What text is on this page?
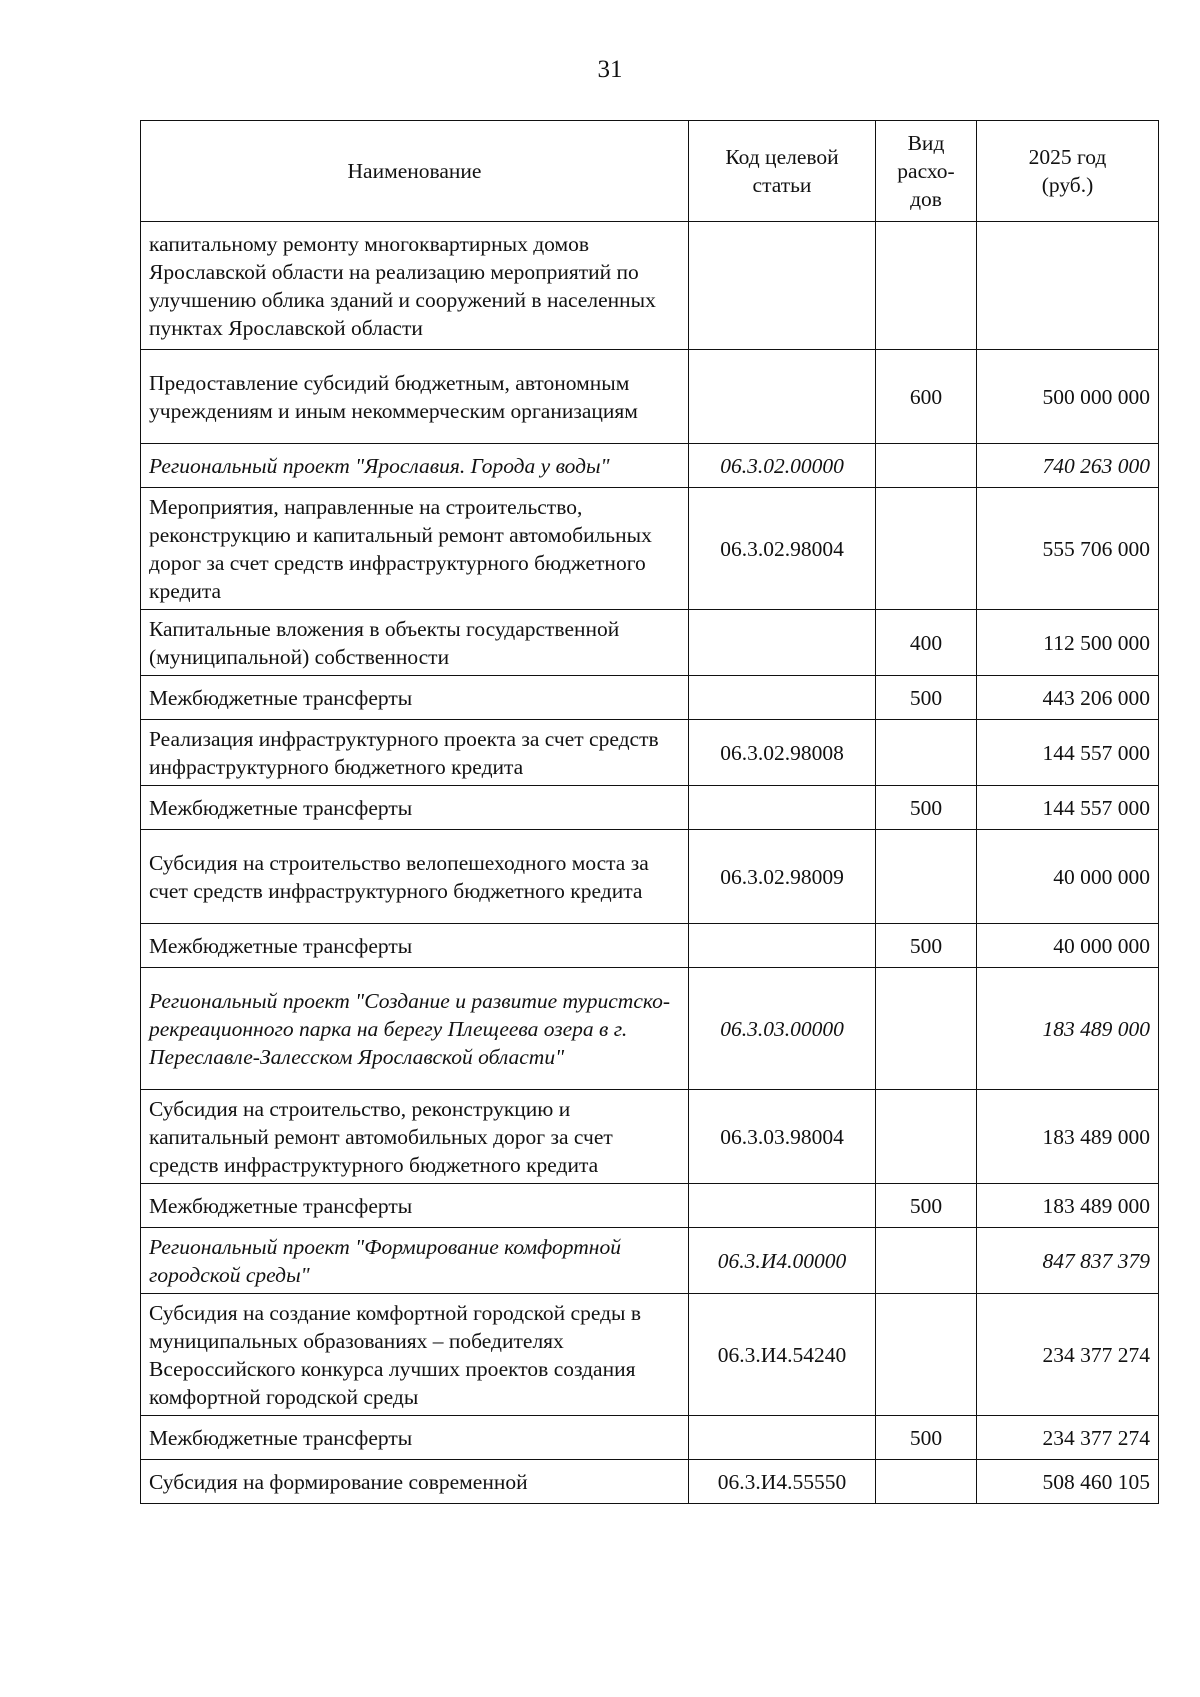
31
Наименование	Код целевой статьи	Вид расхо-дов	2025 год (руб.)
капитальному ремонту многоквартирных домов Ярославской области на реализацию мероприятий по улучшению облика зданий и сооружений в населенных пунктах Ярославской области			
Предоставление субсидий бюджетным, автономным учреждениям и иным некоммерческим организациям		600	500 000 000
Региональный проект "Ярославия. Города у воды"	06.3.02.00000		740 263 000
Мероприятия, направленные на строительство, реконструкцию и капитальный ремонт автомобильных дорог за счет средств инфраструктурного бюджетного кредита	06.3.02.98004		555 706 000
Капитальные вложения в объекты государственной (муниципальной) собственности		400	112 500 000
Межбюджетные трансферты		500	443 206 000
Реализация инфраструктурного проекта за счет средств инфраструктурного бюджетного кредита	06.3.02.98008		144 557 000
Межбюджетные трансферты		500	144 557 000
Субсидия на строительство велопешеходного моста за счет средств инфраструктурного бюджетного кредита	06.3.02.98009		40 000 000
Межбюджетные трансферты		500	40 000 000
Региональный проект "Создание и развитие туристско-рекреационного парка на берегу Плещеева озера в г. Переславле-Залесском Ярославской области"	06.3.03.00000		183 489 000
Субсидия на строительство, реконструкцию и капитальный ремонт автомобильных дорог за счет средств инфраструктурного бюджетного кредита	06.3.03.98004		183 489 000
Межбюджетные трансферты		500	183 489 000
Региональный проект "Формирование комфортной городской среды"	06.3.И4.00000		847 837 379
Субсидия на создание комфортной городской среды в муниципальных образованиях – победителях Всероссийского конкурса лучших проектов создания комфортной городской среды	06.3.И4.54240		234 377 274
Межбюджетные трансферты		500	234 377 274
Субсидия на формирование современной	06.3.И4.55550		508 460 105
